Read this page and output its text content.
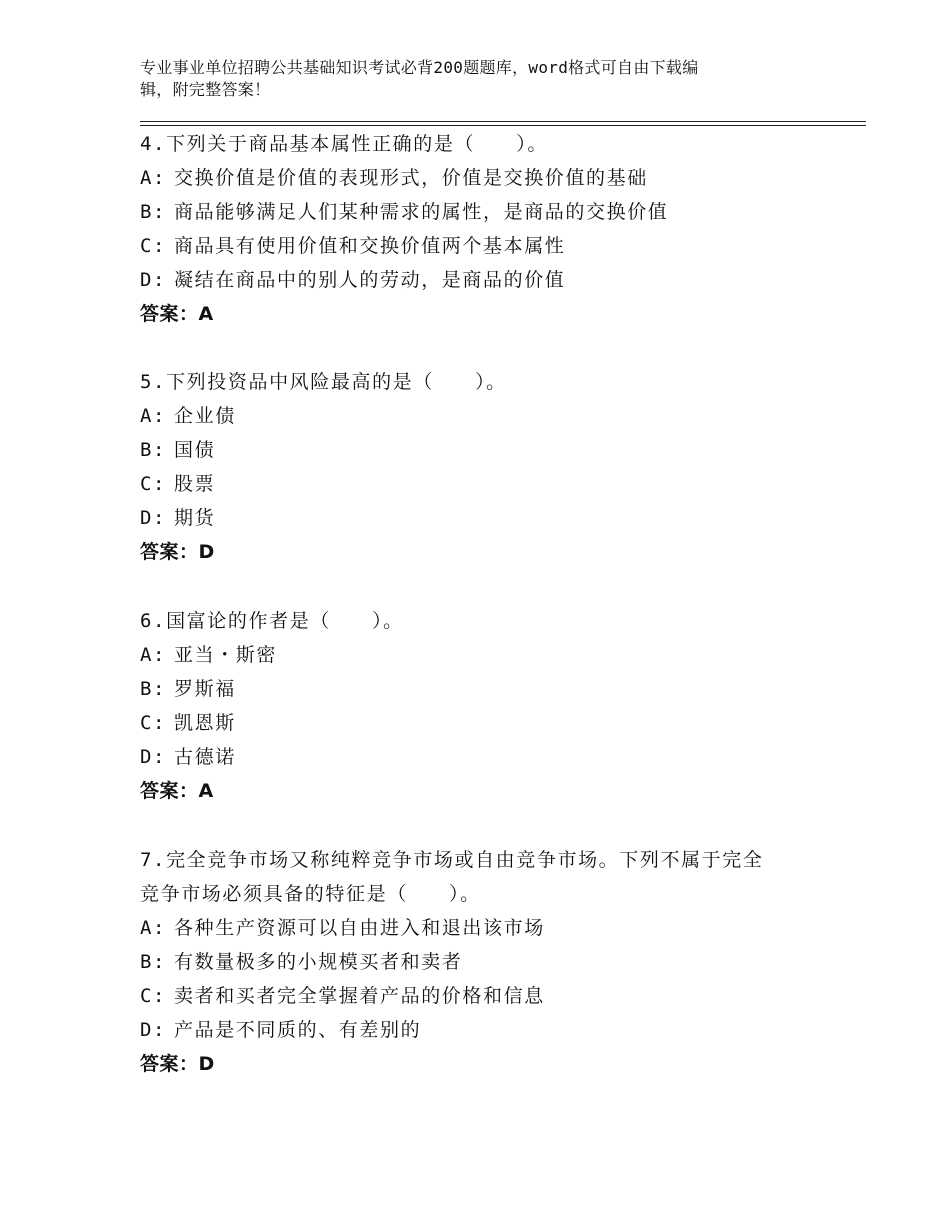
专业事业单位招聘公共基础知识考试必背200题题库，word格式可自由下载编
辑，附完整答案！
4.下列关于商品基本属性正确的是（　　）。
A: 交换价值是价值的表现形式，价值是交换价值的基础
B: 商品能够满足人们某种需求的属性，是商品的交换价值
C: 商品具有使用价值和交换价值两个基本属性
D: 凝结在商品中的别人的劳动，是商品的价值
答案：A
5.下列投资品中风险最高的是（　　）。
A: 企业债
B: 国债
C: 股票
D: 期货
答案：D
6.国富论的作者是（　　）。
A: 亚当・斯密
B: 罗斯福
C: 凯恩斯
D: 古德诺
答案：A
7.完全竞争市场又称纯粹竞争市场或自由竞争市场。下列不属于完全
竞争市场必须具备的特征是（　　）。
A: 各种生产资源可以自由进入和退出该市场
B: 有数量极多的小规模买者和卖者
C: 卖者和买者完全掌握着产品的价格和信息
D: 产品是不同质的、有差别的
答案：D
